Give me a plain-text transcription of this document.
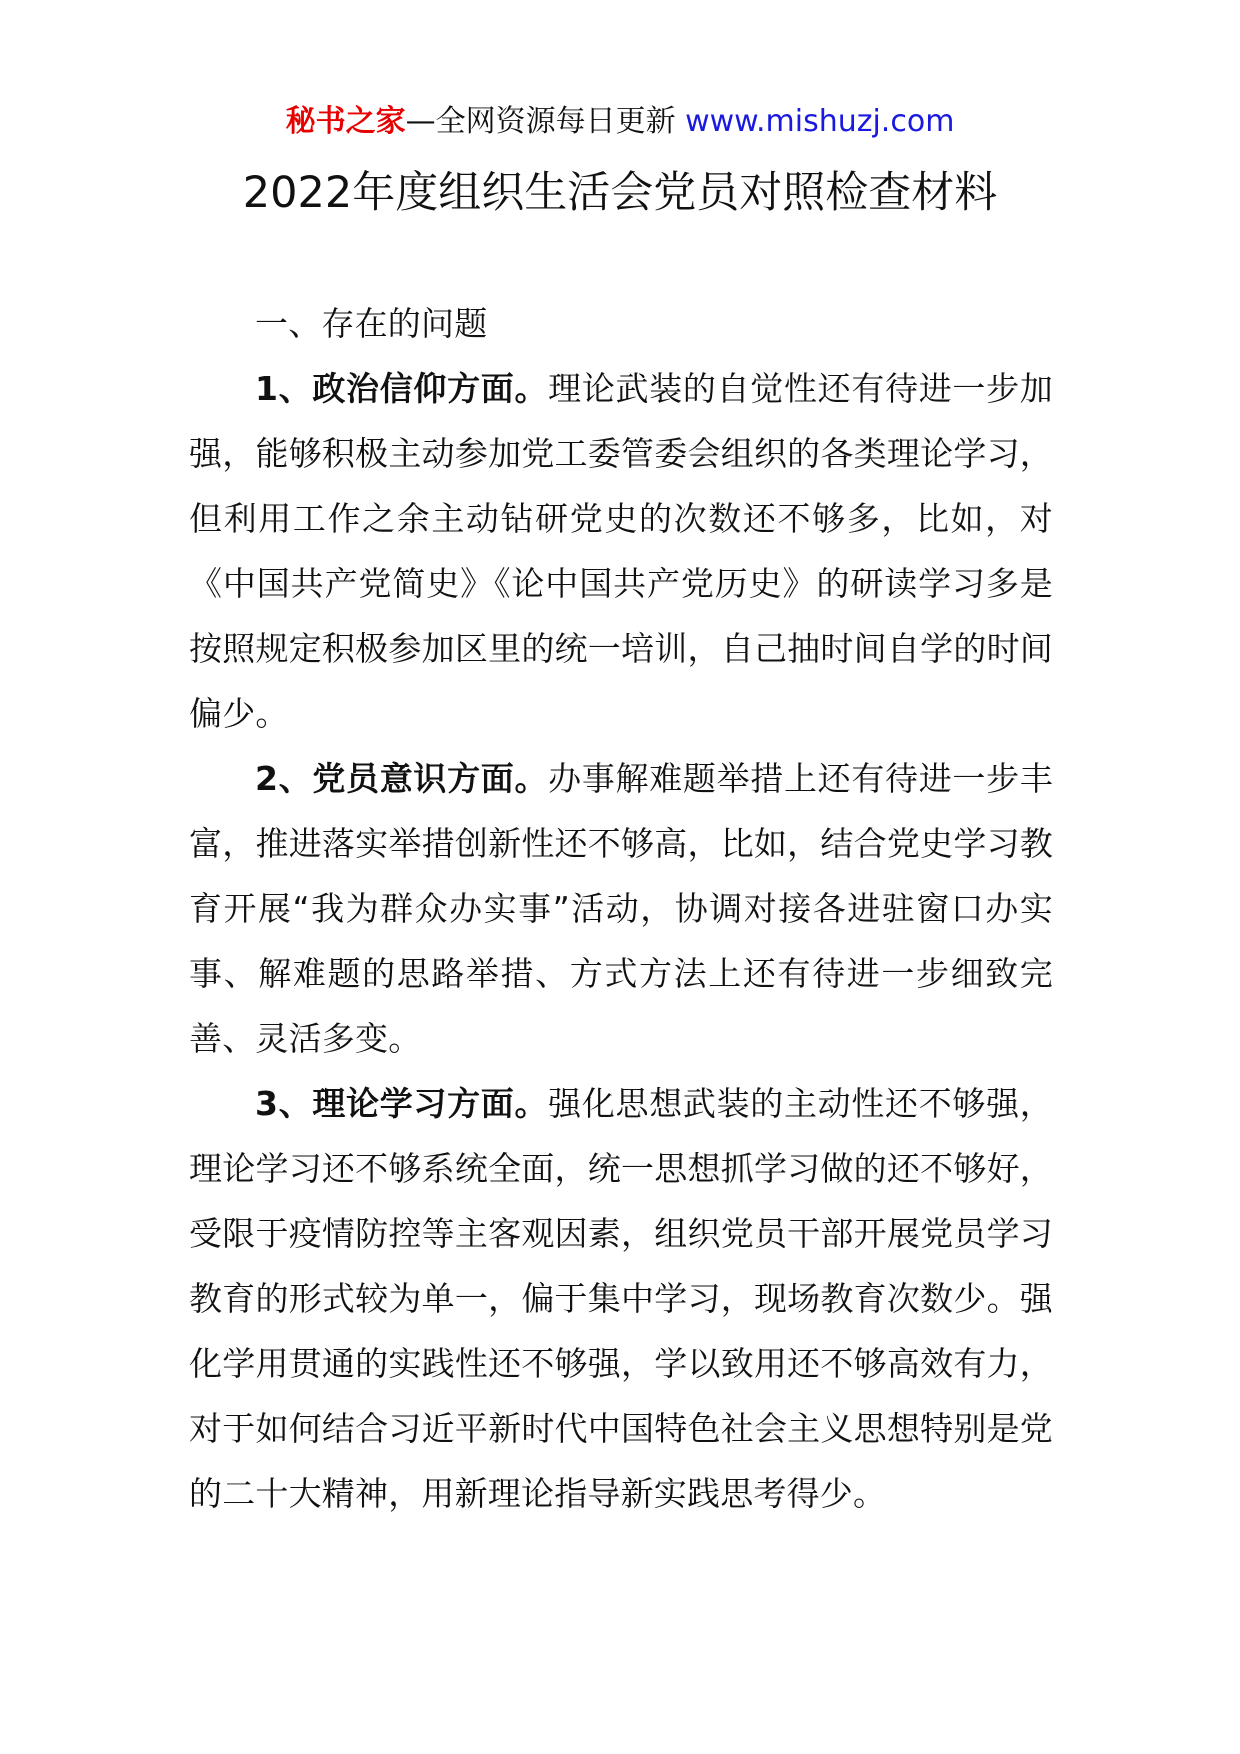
秘书之家—全网资源每日更新 www.mishuzj.com
2022年度组织生活会党员对照检查材料

一、存在的问题

1、政治信仰方面。理论武装的自觉性还有待进一步加强，能够积极主动参加党工委管委会组织的各类理论学习，但利用工作之余主动钻研党史的次数还不够多，比如，对《中国共产党简史》《论中国共产党历史》的研读学习多是按照规定积极参加区里的统一培训，自己抽时间自学的时间偏少。

2、党员意识方面。办事解难题举措上还有待进一步丰富，推进落实举措创新性还不够高，比如，结合党史学习教育开展“我为群众办实事”活动，协调对接各进驻窗口办实事、解难题的思路举措、方式方法上还有待进一步细致完善、灵活多变。

3、理论学习方面。强化思想武装的主动性还不够强，理论学习还不够系统全面，统一思想抓学习做的还不够好，受限于疫情防控等主客观因素，组织党员干部开展党员学习教育的形式较为单一，偏于集中学习，现场教育次数少。强化学用贯通的实践性还不够强，学以致用还不够高效有力，对于如何结合习近平新时代中国特色社会主义思想特别是党的二十大精神，用新理论指导新实践思考得少。
